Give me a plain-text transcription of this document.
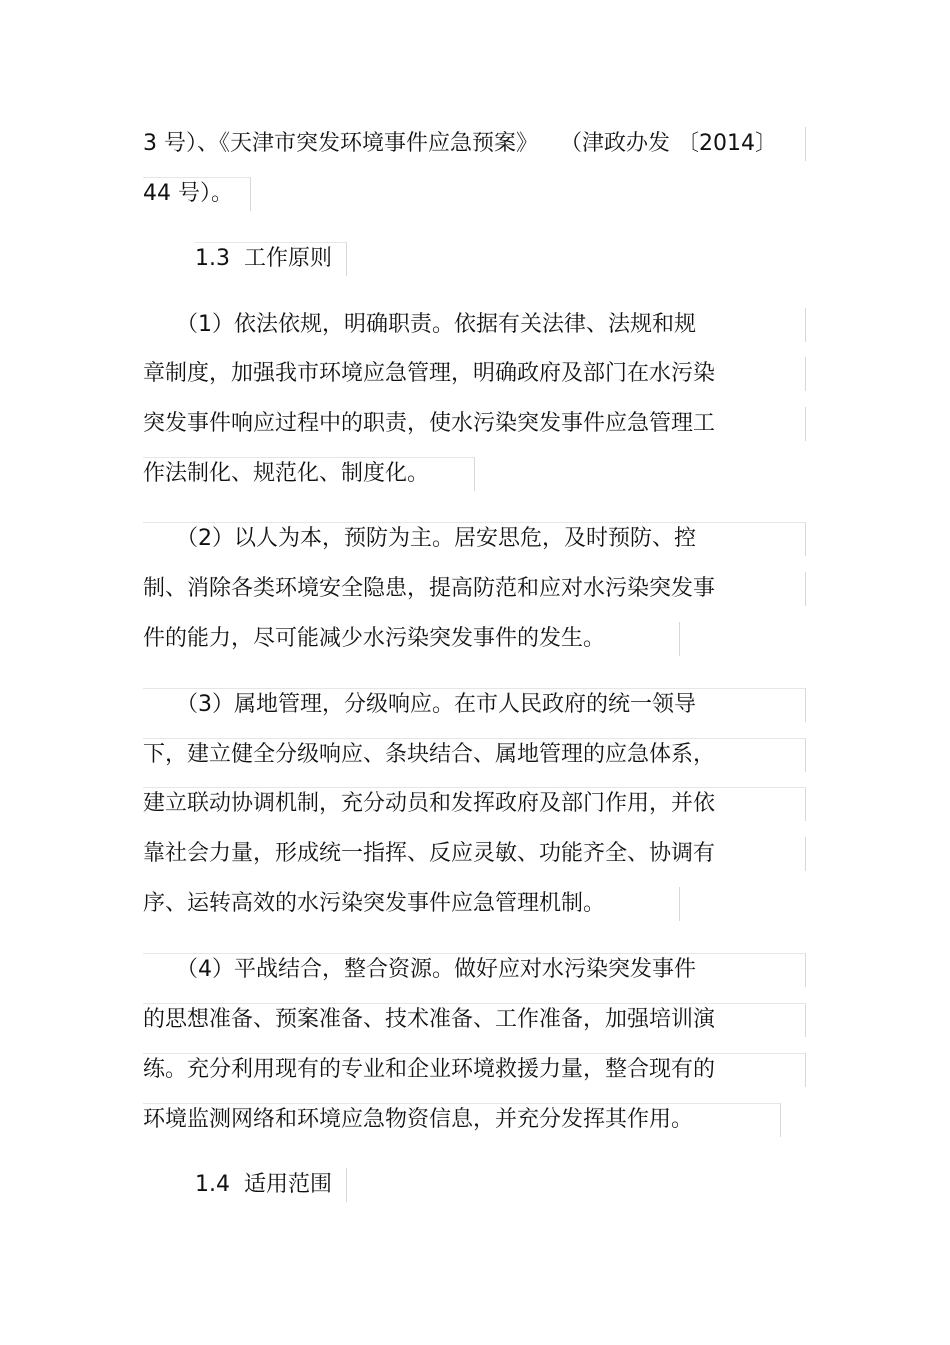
3 号）、《天津市突发环境事件应急预案》　　（津政办发 〔2014〕
44 号）。
1.3 工作原则
　　（1）依法依规，明确职责。依据有关法律、法规和规
章制度，加强我市环境应急管理，明确政府及部门在水污染
突发事件响应过程中的职责，使水污染突发事件应急管理工
作法制化、规范化、制度化。
　　（2）以人为本，预防为主。居安思危，及时预防、控
制、消除各类环境安全隐患，提高防范和应对水污染突发事
件的能力，尽可能减少水污染突发事件的发生。
　　（3）属地管理，分级响应。在市人民政府的统一领导
下，建立健全分级响应、条块结合、属地管理的应急体系，
建立联动协调机制，充分动员和发挥政府及部门作用，并依
靠社会力量，形成统一指挥、反应灵敏、功能齐全、协调有
序、运转高效的水污染突发事件应急管理机制。
　　（4）平战结合，整合资源。做好应对水污染突发事件
的思想准备、预案准备、技术准备、工作准备，加强培训演
练。充分利用现有的专业和企业环境救援力量，整合现有的
环境监测网络和环境应急物资信息，并充分发挥其作用。
1.4 适用范围
